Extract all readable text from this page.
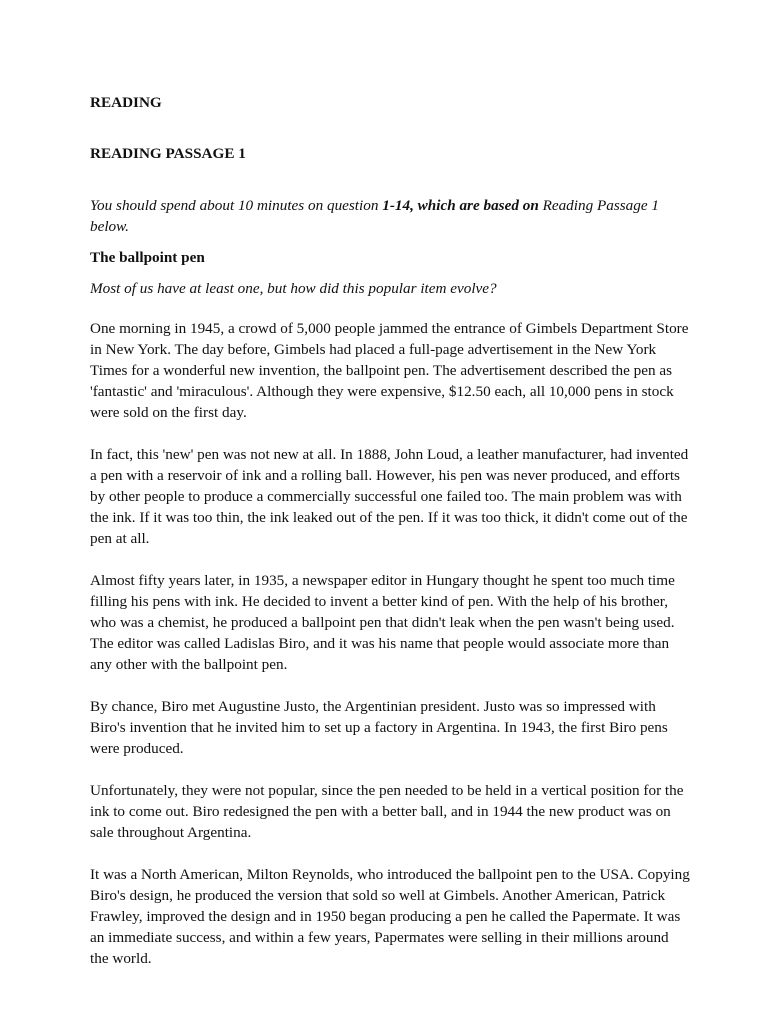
READING

READING PASSAGE 1

You should spend about 10 minutes on question 1-14, which are based on Reading Passage 1 below.

The ballpoint pen

Most of us have at least one, but how did this popular item evolve?

One morning in 1945, a crowd of 5,000 people jammed the entrance of Gimbels Department Store in New York. The day before, Gimbels had placed a full-page advertisement in the New York Times for a wonderful new invention, the ballpoint pen. The advertisement described the pen as 'fantastic' and 'miraculous'. Although they were expensive, $12.50 each, all 10,000 pens in stock were sold on the first day.

In fact, this 'new' pen was not new at all. In 1888, John Loud, a leather manufacturer, had invented a pen with a reservoir of ink and a rolling ball. However, his pen was never produced, and efforts by other people to produce a commercially successful one failed too. The main problem was with the ink. If it was too thin, the ink leaked out of the pen. If it was too thick, it didn't come out of the pen at all.

Almost fifty years later, in 1935, a newspaper editor in Hungary thought he spent too much time filling his pens with ink. He decided to invent a better kind of pen. With the help of his brother, who was a chemist, he produced a ballpoint pen that didn't leak when the pen wasn't being used. The editor was called Ladislas Biro, and it was his name that people would associate more than any other with the ballpoint pen.

By chance, Biro met Augustine Justo, the Argentinian president. Justo was so impressed with Biro's invention that he invited him to set up a factory in Argentina. In 1943, the first Biro pens were produced.

Unfortunately, they were not popular, since the pen needed to be held in a vertical position for the ink to come out. Biro redesigned the pen with a better ball, and in 1944 the new product was on sale throughout Argentina.

It was a North American, Milton Reynolds, who introduced the ballpoint pen to the USA. Copying Biro's design, he produced the version that sold so well at Gimbels. Another American, Patrick Frawley, improved the design and in 1950 began producing a pen he called the Papermate. It was an immediate success, and within a few years, Papermates were selling in their millions around the world.
